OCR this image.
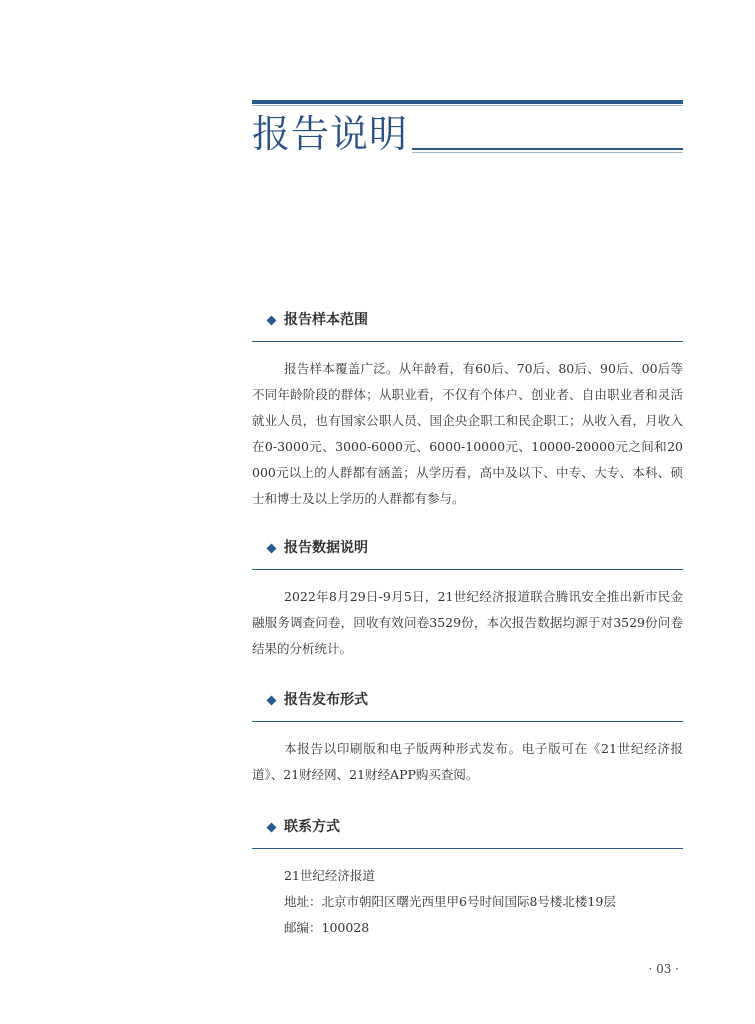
报告说明
报告样本范围

报告样本覆盖广泛。从年龄看，有60后、70后、80后、90后、00后等不同年龄阶段的群体；从职业看，不仅有个体户、创业者、自由职业者和灵活就业人员，也有国家公职人员、国企央企职工和民企职工；从收入看，月收入在0-3000元、3000-6000元、6000-10000元、10000-20000元之间和20000元以上的人群都有涵盖；从学历看，高中及以下、中专、大专、本科、硕士和博士及以上学历的人群都有参与。

报告数据说明

2022年8月29日-9月5日，21世纪经济报道联合腾讯安全推出新市民金融服务调查问卷，回收有效问卷3529份，本次报告数据均源于对3529份问卷结果的分析统计。

报告发布形式

本报告以印刷版和电子版两种形式发布。电子版可在《21世纪经济报道》、21财经网、21财经APP购买查阅。

联系方式

21世纪经济报道

地址：北京市朝阳区曙光西里甲6号时间国际8号楼北楼19层

邮编：100028

· 03 ·
